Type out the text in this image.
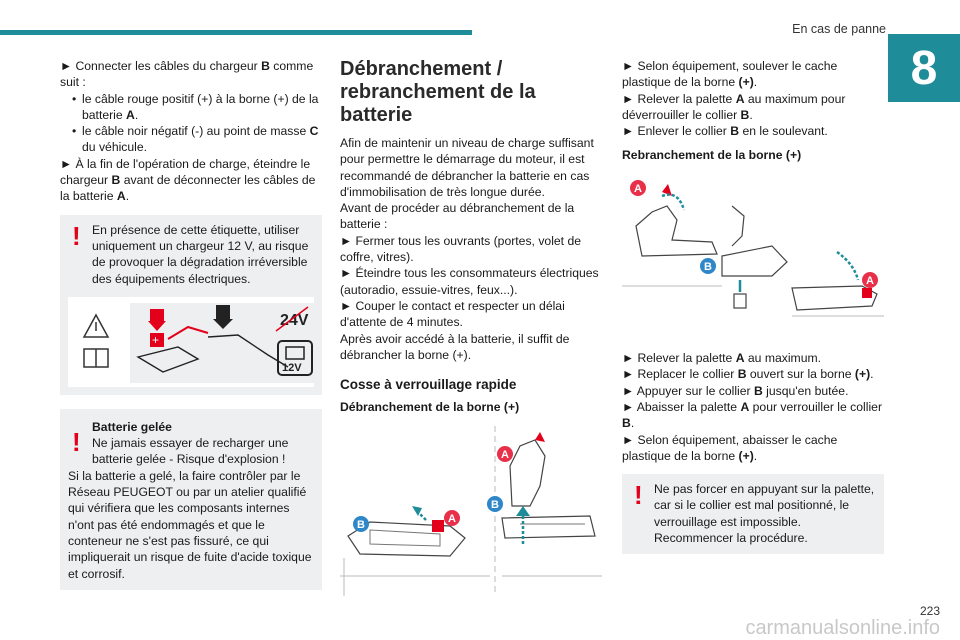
En cas de panne
8

► Connecter les câbles du chargeur B comme suit :

• le câble rouge positif (+) à la borne (+) de la batterie A.
• le câble noir négatif (-) au point de masse C du véhicule.

► À la fin de l'opération de charge, éteindre le chargeur B avant de déconnecter les câbles de la batterie A.

! En présence de cette étiquette, utiliser uniquement un chargeur 12 V, au risque de provoquer la dégradation irréversible des équipements électriques.
+
24V
12V
! Batterie gelée
Ne jamais essayer de recharger une batterie gelée - Risque d'explosion !
Si la batterie a gelé, la faire contrôler par le Réseau PEUGEOT ou par un atelier qualifié qui vérifiera que les composants internes n'ont pas été endommagés et que le conteneur ne s'est pas fissuré, ce qui impliquerait un risque de fuite d'acide toxique et corrosif.
Débranchement / rebranchement de la batterie

Afin de maintenir un niveau de charge suffisant pour permettre le démarrage du moteur, il est recommandé de débrancher la batterie en cas d'immobilisation de très longue durée.

Avant de procéder au débranchement de la batterie :

► Fermer tous les ouvrants (portes, volet de coffre, vitres).

► Éteindre tous les consommateurs électriques (autoradio, essuie-vitres, feux...).

► Couper le contact et respecter un délai d'attente de 4 minutes.

Après avoir accédé à la batterie, il suffit de débrancher la borne (+).

Cosse à verrouillage rapide
Débranchement de la borne (+)
A
B
A
B

► Selon équipement, soulever le cache plastique de la borne (+).

► Relever la palette A au maximum pour déverrouiller le collier B.

► Enlever le collier B en le soulevant.

Rebranchement de la borne (+)
A
B
A

► Relever la palette A au maximum.

► Replacer le collier B ouvert sur la borne (+).

► Appuyer sur le collier B jusqu'en butée.

► Abaisser la palette A pour verrouiller le collier B.

► Selon équipement, abaisser le cache plastique de la borne (+).

! Ne pas forcer en appuyant sur la palette, car si le collier est mal positionné, le verrouillage est impossible. Recommencer la procédure.
223
carmanualsonline.info
